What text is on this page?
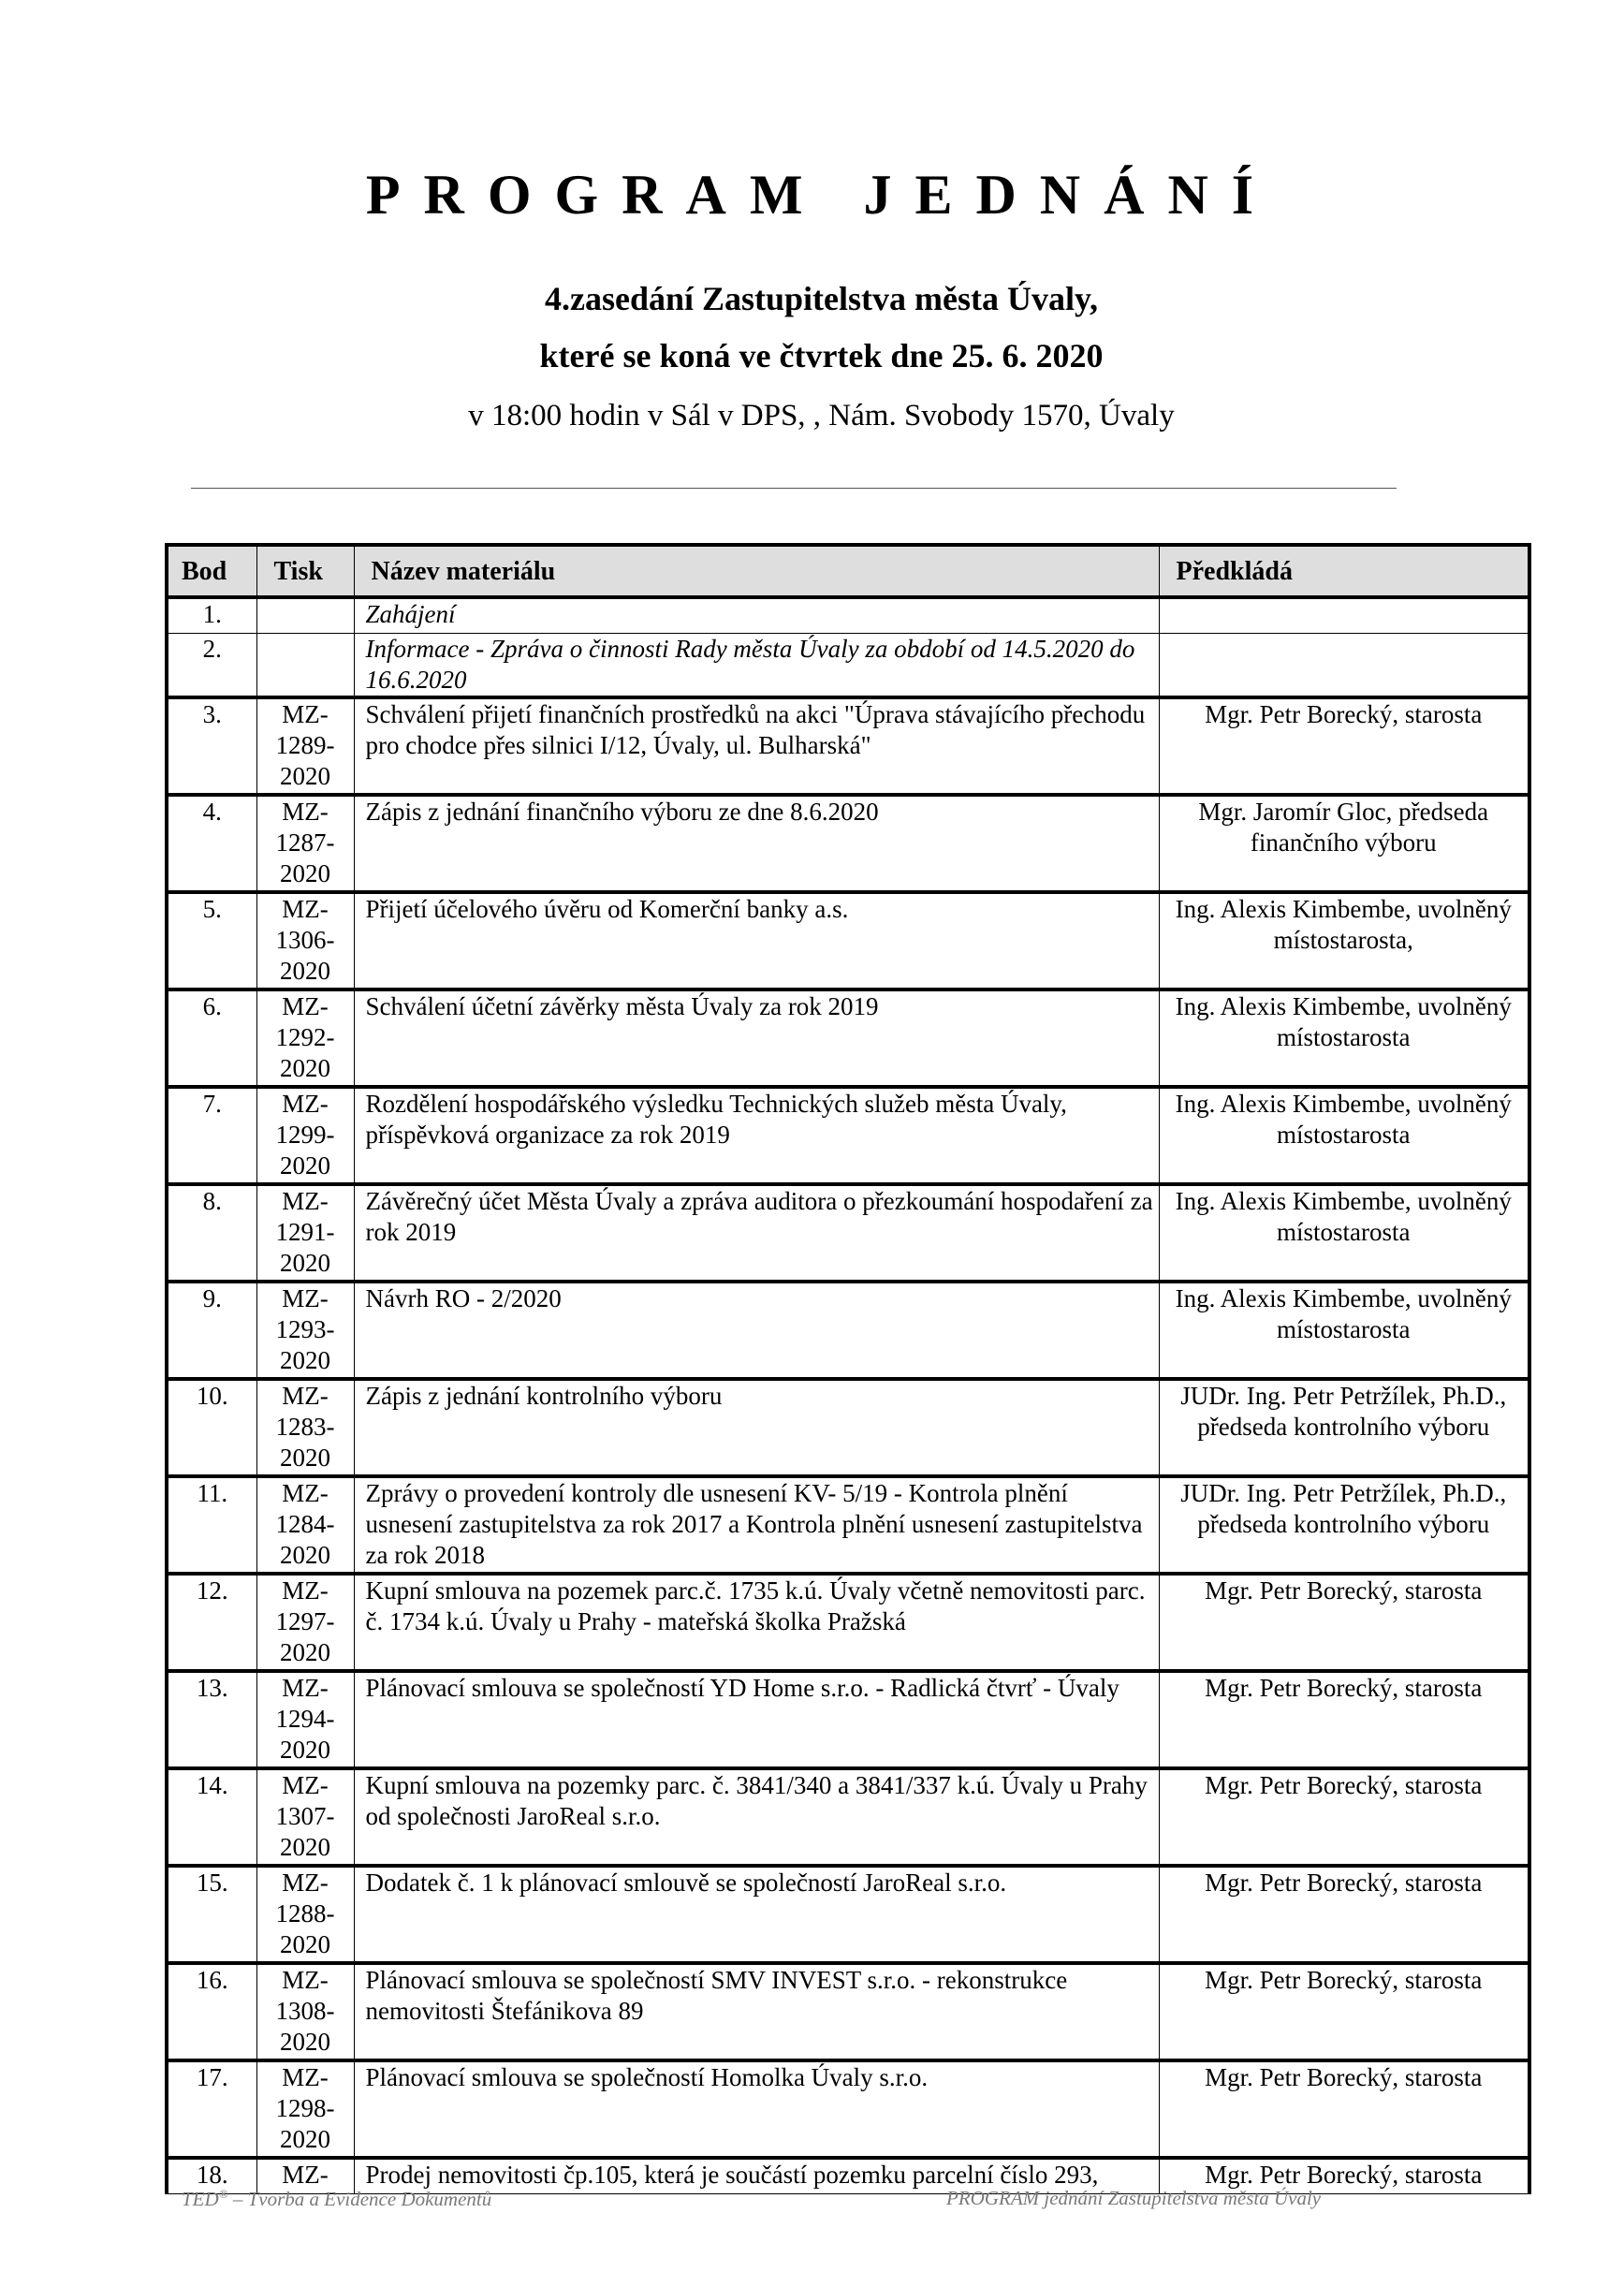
PROGRAM JEDNÁNÍ
4.zasedání Zastupitelstva města Úvaly,
které se koná ve čtvrtek dne 25. 6. 2020
v 18:00 hodin v Sál v DPS, , Nám. Svobody 1570, Úvaly
Bod	Tisk	Název materiálu	Předkládá
1.		Zahájení	
2.		Informace - Zpráva o činnosti Rady města Úvaly za období od 14.5.2020 do 16.6.2020	
3.	MZ-1289-2020	Schválení přijetí finančních prostředků na akci "Úprava stávajícího přechodu pro chodce přes silnici I/12, Úvaly, ul. Bulharská"	Mgr. Petr Borecký, starosta
4.	MZ-1287-2020	Zápis z jednání finančního výboru ze dne 8.6.2020	Mgr. Jaromír Gloc, předseda finančního výboru
5.	MZ-1306-2020	Přijetí účelového úvěru od Komerční banky a.s.	Ing. Alexis Kimbembe, uvolněný místostarosta,
6.	MZ-1292-2020	Schválení účetní závěrky města Úvaly za rok 2019	Ing. Alexis Kimbembe, uvolněný místostarosta
7.	MZ-1299-2020	Rozdělení hospodářského výsledku Technických služeb města Úvaly, příspěvková organizace za rok 2019	Ing. Alexis Kimbembe, uvolněný místostarosta
8.	MZ-1291-2020	Závěrečný účet Města Úvaly a zpráva auditora o přezkoumání hospodaření za rok 2019	Ing. Alexis Kimbembe, uvolněný místostarosta
9.	MZ-1293-2020	Návrh RO - 2/2020	Ing. Alexis Kimbembe, uvolněný místostarosta
10.	MZ-1283-2020	Zápis z jednání kontrolního výboru	JUDr. Ing. Petr Petržílek, Ph.D., předseda kontrolního výboru
11.	MZ-1284-2020	Zprávy o provedení kontroly dle usnesení KV- 5/19 - Kontrola plnění usnesení zastupitelstva za rok 2017 a Kontrola plnění usnesení zastupitelstva za rok 2018	JUDr. Ing. Petr Petržílek, Ph.D., předseda kontrolního výboru
12.	MZ-1297-2020	Kupní smlouva na pozemek parc.č. 1735 k.ú. Úvaly včetně nemovitosti parc. č. 1734 k.ú. Úvaly u Prahy - mateřská školka Pražská	Mgr. Petr Borecký, starosta
13.	MZ-1294-2020	Plánovací smlouva se společností YD Home s.r.o. - Radlická čtvrť - Úvaly	Mgr. Petr Borecký, starosta
14.	MZ-1307-2020	Kupní smlouva na pozemky parc. č. 3841/340 a 3841/337 k.ú. Úvaly u Prahy od společnosti JaroReal s.r.o.	Mgr. Petr Borecký, starosta
15.	MZ-1288-2020	Dodatek č. 1 k plánovací smlouvě se společností JaroReal s.r.o.	Mgr. Petr Borecký, starosta
16.	MZ-1308-2020	Plánovací smlouva se společností SMV INVEST s.r.o. - rekonstrukce nemovitosti Štefánikova 89	Mgr. Petr Borecký, starosta
17.	MZ-1298-2020	Plánovací smlouva se společností Homolka Úvaly s.r.o.	Mgr. Petr Borecký, starosta
18.	MZ-	Prodej nemovitosti čp.105, která je součástí pozemku parcelní číslo 293,	Mgr. Petr Borecký, starosta
TED® – Tvorba a Evidence Dokumentů	PROGRAM jednání Zastupitelstva města Úvaly
